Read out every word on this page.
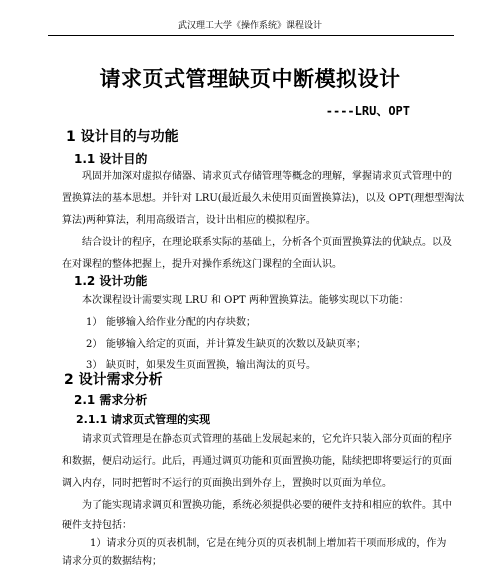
武汉理工大学《操作系统》课程设计
请求页式管理缺页中断模拟设计
----LRU、OPT
1 设计目的与功能
1.1 设计目的
巩固并加深对虚拟存储器、请求页式存储管理等概念的理解，掌握请求页式管理中的
置换算法的基本思想。并针对 LRU(最近最久未使用页面置换算法)，以及 OPT(理想型淘汰
算法)两种算法，利用高级语言，设计出相应的模拟程序。
结合设计的程序，在理论联系实际的基础上，分析各个页面置换算法的优缺点。以及
在对课程的整体把握上，提升对操作系统这门课程的全面认识。
1.2 设计功能
本次课程设计需要实现 LRU 和 OPT 两种置换算法。能够实现以下功能：
1） 能够输入给作业分配的内存块数；
2） 能够输入给定的页面，并计算发生缺页的次数以及缺页率；
3） 缺页时，如果发生页面置换，输出淘汰的页号。
2 设计需求分析
2.1 需求分析
2.1.1 请求页式管理的实现
请求页式管理是在静态页式管理的基础上发展起来的，它允许只装入部分页面的程序
和数据，便启动运行。此后，再通过调页功能和页面置换功能，陆续把即将要运行的页面
调入内存，同时把暂时不运行的页面换出到外存上，置换时以页面为单位。
为了能实现请求调页和置换功能，系统必须提供必要的硬件支持和相应的软件。其中
硬件支持包括：
1）请求分页的页表机制，它是在纯分页的页表机制上增加若干项而形成的，作为
请求分页的数据结构；
